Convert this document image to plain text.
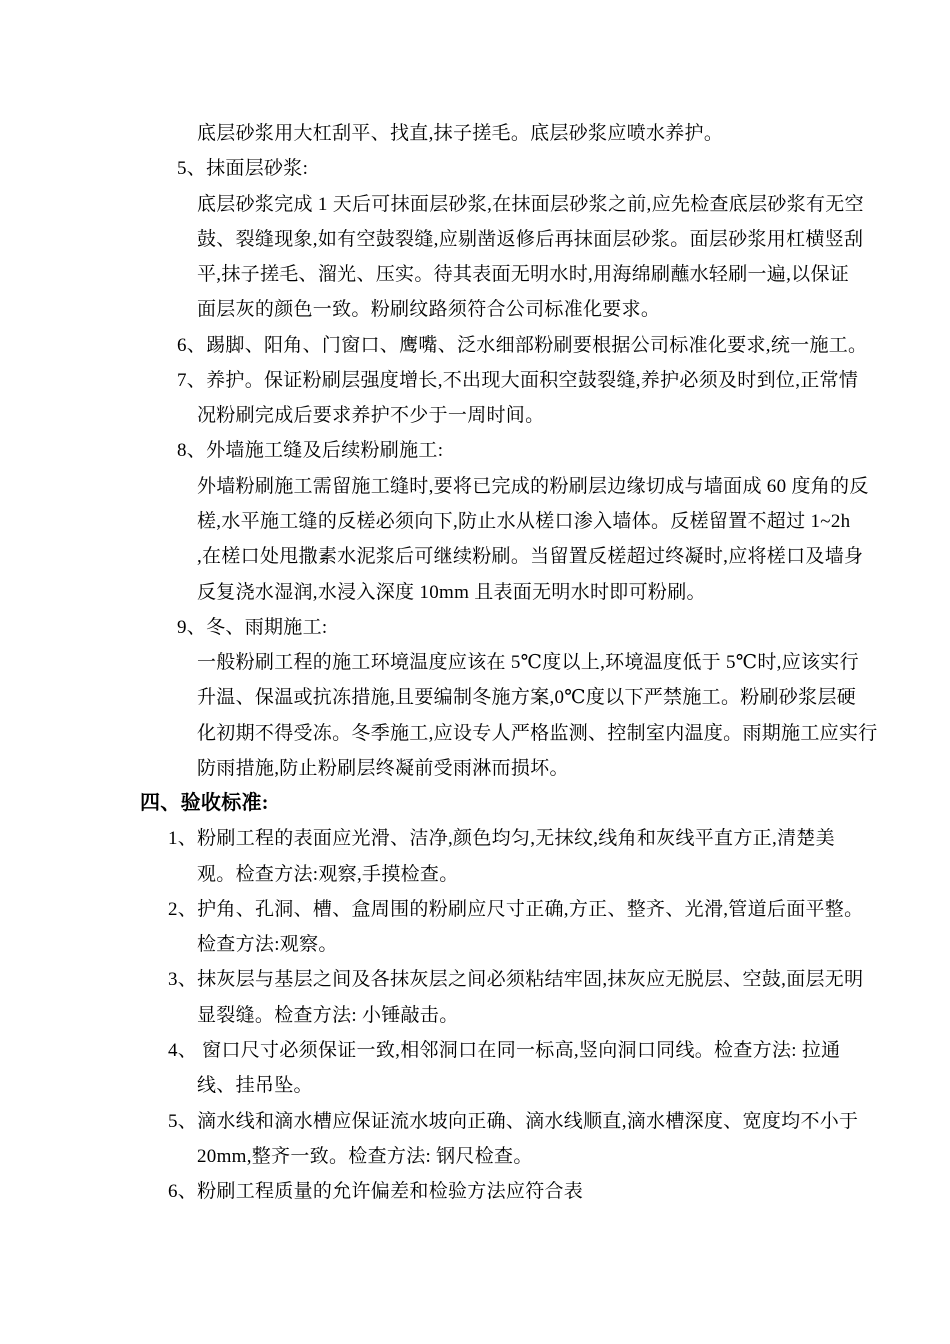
底层砂浆用大杠刮平、找直,抹子搓毛。底层砂浆应喷水养护。
5、抹面层砂浆:
底层砂浆完成 1 天后可抹面层砂浆,在抹面层砂浆之前,应先检查底层砂浆有无空
鼓、裂缝现象,如有空鼓裂缝,应剔凿返修后再抹面层砂浆。面层砂浆用杠横竖刮
平,抹子搓毛、溜光、压实。待其表面无明水时,用海绵刷蘸水轻刷一遍,以保证
面层灰的颜色一致。粉刷纹路须符合公司标准化要求。
6、踢脚、阳角、门窗口、鹰嘴、泛水细部粉刷要根据公司标准化要求,统一施工。
7、养护。保证粉刷层强度增长,不出现大面积空鼓裂缝,养护必须及时到位,正常情
况粉刷完成后要求养护不少于一周时间。
8、外墙施工缝及后续粉刷施工:
外墙粉刷施工需留施工缝时,要将已完成的粉刷层边缘切成与墙面成 60 度角的反
槎,水平施工缝的反槎必须向下,防止水从槎口渗入墙体。反槎留置不超过 1~2h
,在槎口处甩撒素水泥浆后可继续粉刷。当留置反槎超过终凝时,应将槎口及墙身
反复浇水湿润,水浸入深度 10mm 且表面无明水时即可粉刷。
9、冬、雨期施工:
一般粉刷工程的施工环境温度应该在 5℃度以上,环境温度低于 5℃时,应该实行
升温、保温或抗冻措施,且要编制冬施方案,0℃度以下严禁施工。粉刷砂浆层硬
化初期不得受冻。冬季施工,应设专人严格监测、控制室内温度。雨期施工应实行
防雨措施,防止粉刷层终凝前受雨淋而损坏。
四、验收标准:
1、粉刷工程的表面应光滑、洁净,颜色均匀,无抹纹,线角和灰线平直方正,清楚美
观。检查方法:观察,手摸检查。
2、护角、孔洞、槽、盒周围的粉刷应尺寸正确,方正、整齐、光滑,管道后面平整。
检查方法:观察。
3、抹灰层与基层之间及各抹灰层之间必须粘结牢固,抹灰应无脱层、空鼓,面层无明
显裂缝。检查方法: 小锤敲击。
4、 窗口尺寸必须保证一致,相邻洞口在同一标高,竖向洞口同线。检查方法: 拉通
线、挂吊坠。
5、滴水线和滴水槽应保证流水坡向正确、滴水线顺直,滴水槽深度、宽度均不小于
20mm,整齐一致。检查方法: 钢尺检查。
6、粉刷工程质量的允许偏差和检验方法应符合表
